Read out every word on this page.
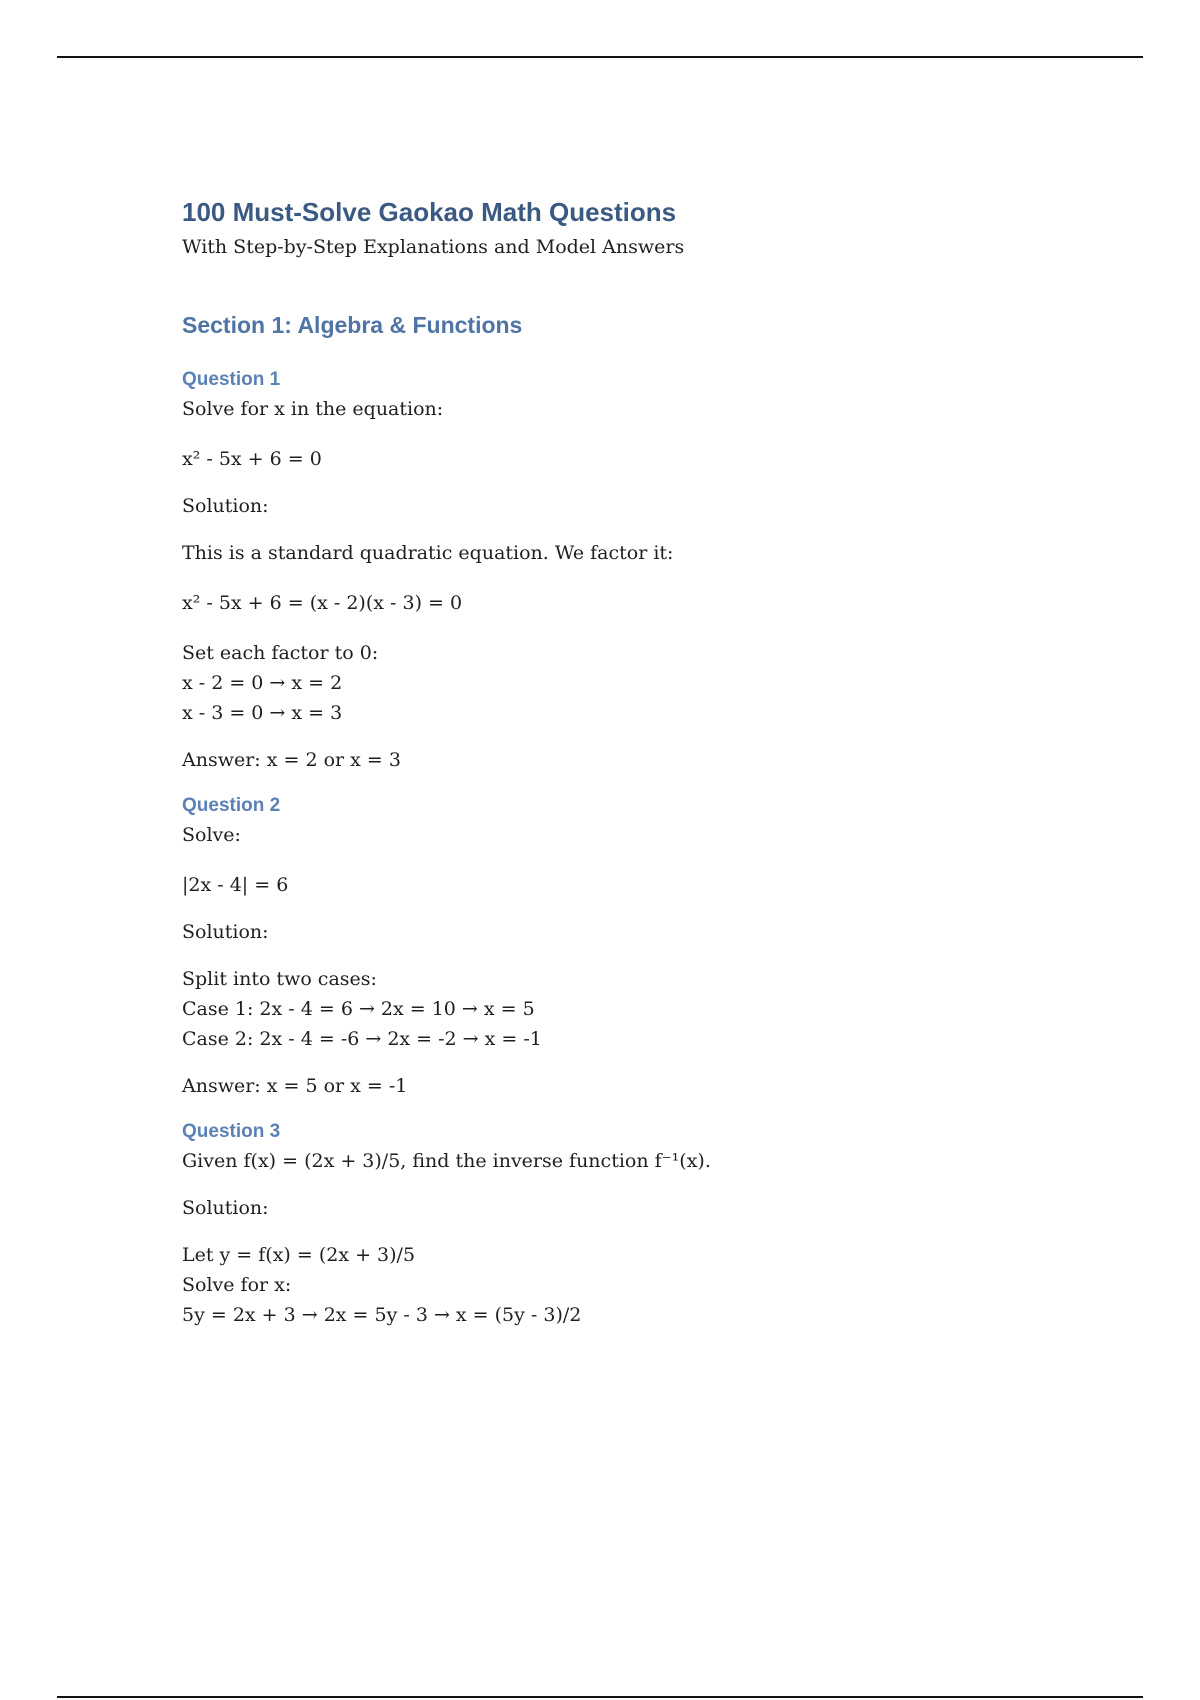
100 Must-Solve Gaokao Math Questions

With Step-by-Step Explanations and Model Answers

Section 1: Algebra & Functions
Question 1

Solve for x in the equation:

x² - 5x + 6 = 0

Solution:

This is a standard quadratic equation. We factor it:

x² - 5x + 6 = (x - 2)(x - 3) = 0

Set each factor to 0:

x - 2 = 0 → x = 2

x - 3 = 0 → x = 3

Answer: x = 2 or x = 3

Question 2

Solve:

|2x - 4| = 6

Solution:

Split into two cases:

Case 1: 2x - 4 = 6 → 2x = 10 → x = 5

Case 2: 2x - 4 = -6 → 2x = -2 → x = -1

Answer: x = 5 or x = -1

Question 3

Given f(x) = (2x + 3)/5, find the inverse function f⁻¹(x).

Solution:

Let y = f(x) = (2x + 3)/5

Solve for x:

5y = 2x + 3 → 2x = 5y - 3 → x = (5y - 3)/2
